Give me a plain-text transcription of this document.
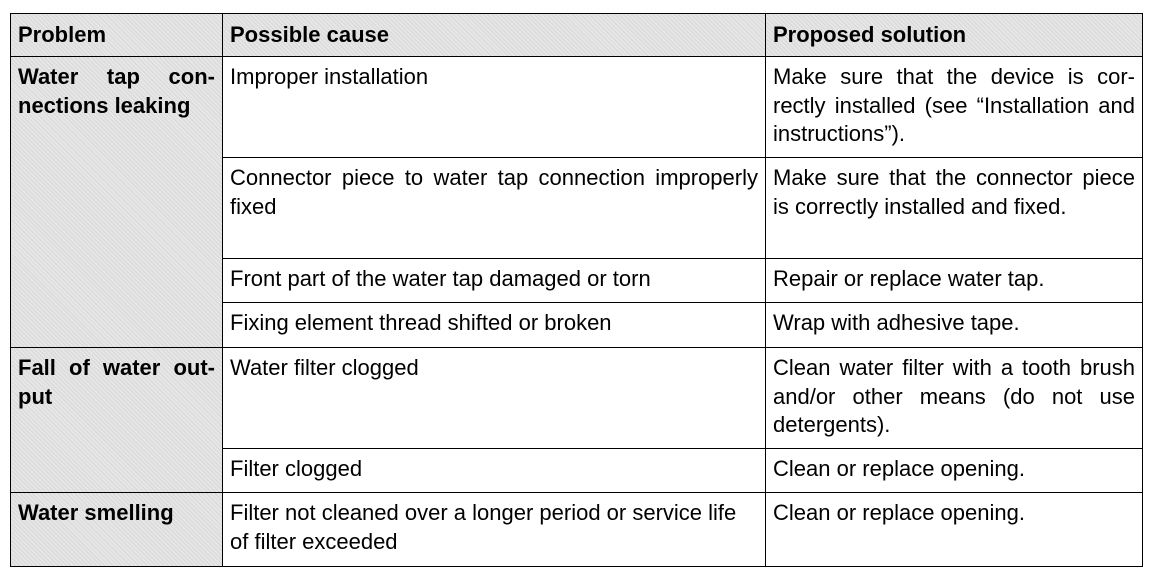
Problem	Possible cause	Proposed solution
Water tap connections leaking	Improper installation	Make sure that the device is correctly installed (see “Installation and instructions”).
	Connector piece to water tap connection improperly fixed	Make sure that the connector piece is correctly installed and fixed.
	Front part of the water tap damaged or torn	Repair or replace water tap.
	Fixing element thread shifted or broken	Wrap with adhesive tape.
Fall of water output	Water filter clogged	Clean water filter with a tooth brush and/or other means (do not use detergents).
	Filter clogged	Clean or replace opening.
Water smelling	Filter not cleaned over a longer period or service life of filter exceeded	Clean or replace opening.
